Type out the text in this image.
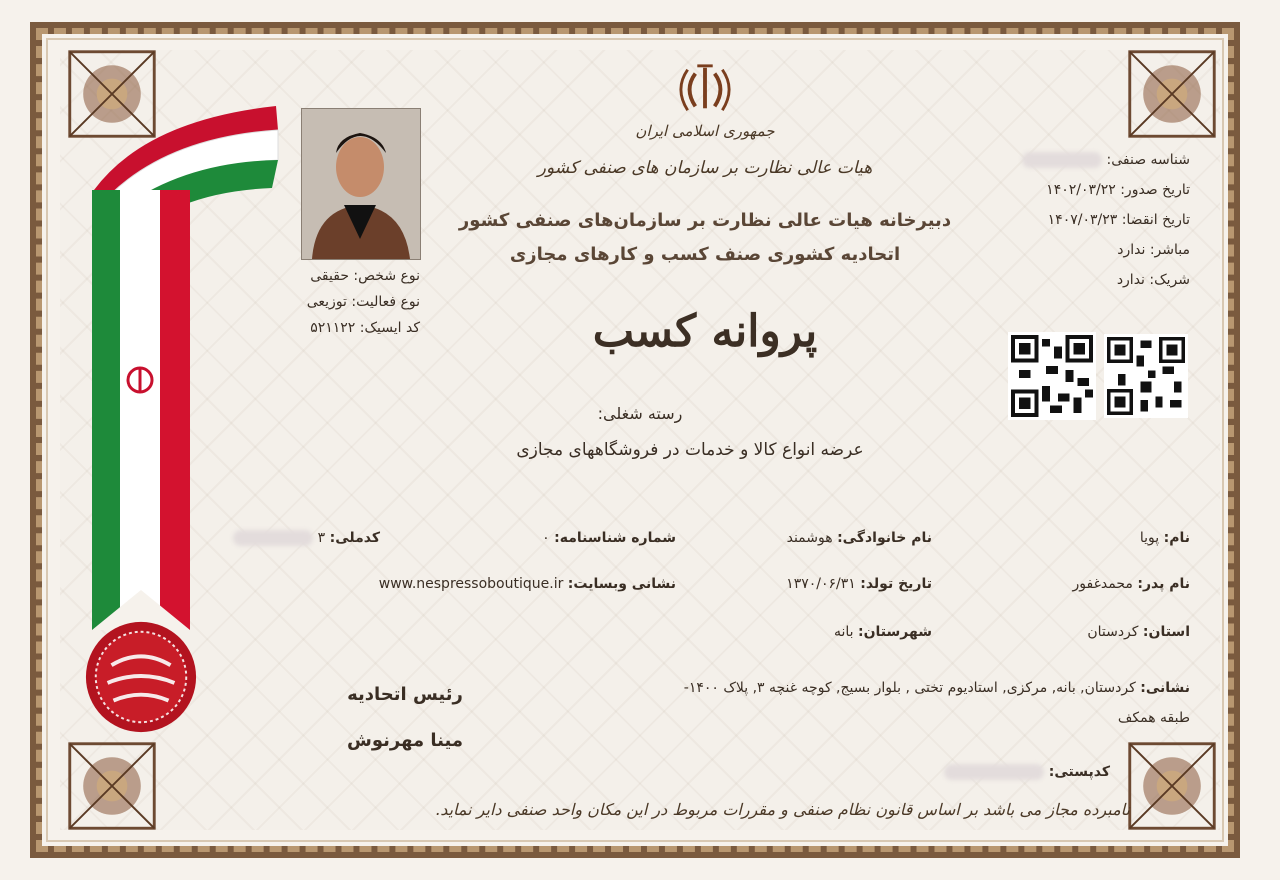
جمهوری اسلامی ایران
هیات عالی نظارت بر سازمان های صنفی کشور
دبیرخانه هیات عالی نظارت بر سازمان‌های صنفی کشور
اتحادیه کشوری صنف کسب و کارهای مجازی
پروانه کسب
رسته شغلی:
عرضه انواع کالا و خدمات در فروشگاههای مجازی
نوع شخص: حقیقی
نوع فعالیت: توزیعی
کد ایسیک: ۵۲۱۱۲۲
شناسه صنفی:
تاریخ صدور: ۱۴۰۲/۰۳/۲۲
تاریخ انقضا: ۱۴۰۷/۰۳/۲۳
مباشر: ندارد
شریک: ندارد
نام: پویا
نام خانوادگی: هوشمند
شماره شناسنامه: ۰
کدملی: ۳
نام پدر: محمدغفور
تاریخ تولد: ۱۳۷۰/۰۶/۳۱
نشانی وبسایت: www.nespressoboutique.ir
استان: کردستان
شهرستان: بانه
نشانی: کردستان, بانه, مرکزی, استادیوم تختی , بلوار بسیج, کوچه غنچه ۳, پلاک ۱۴۰۰-
طبقه همکف
کدپستی:
رئیس اتحادیه
مینا مهرنوش
نامبرده مجاز می باشد بر اساس قانون نظام صنفی و مقررات مربوط در این مکان واحد صنفی دایر نماید.
